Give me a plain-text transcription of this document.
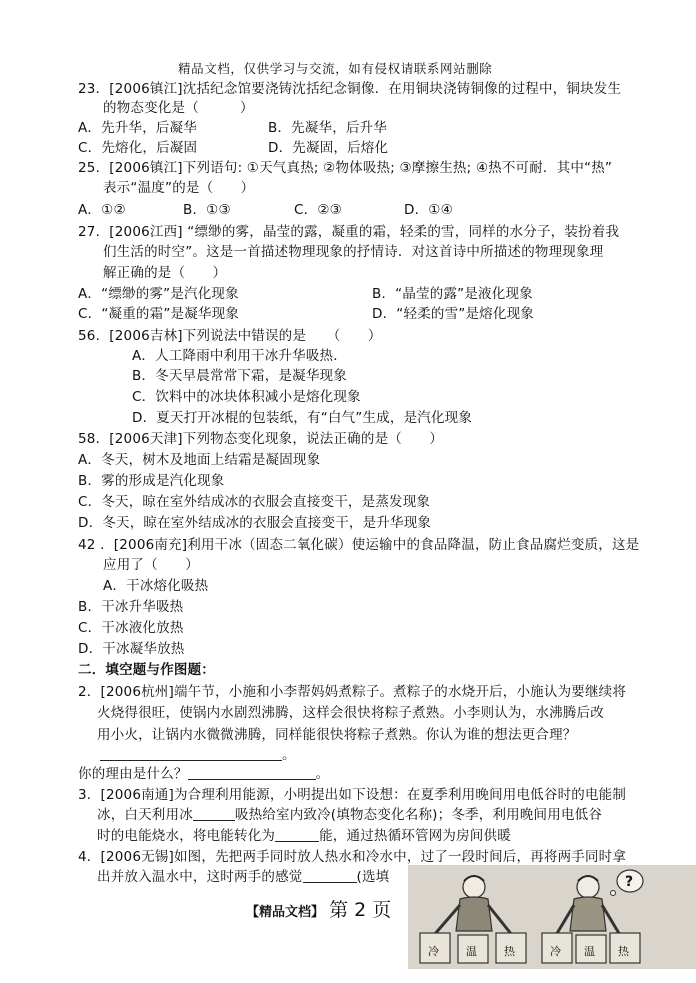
精品文档，仅供学习与交流，如有侵权请联系网站删除
23．[2006镇江]沈括纪念馆要浇铸沈括纪念铜像．在用铜块浇铸铜像的过程中，铜块发生
的物态变化是（　　　）
A．先升华，后凝华	B．先凝华，后升华
C．先熔化，后凝固	D．先凝固，后熔化
25．[2006镇江]下列语句: ①天气真热; ②物体吸热; ③摩擦生热; ④热不可耐．其中“热”
表示“温度”的是（　　）
A．①②	B．①③	C．②③	D．①④
27．[2006江西] “缥缈的雾，晶莹的露，凝重的霜，轻柔的雪，同样的水分子，装扮着我
们生活的时空”。这是一首描述物理现象的抒情诗．对这首诗中所描述的物理现象理
解正确的是（　　）
A．“缥缈的雾”是汽化现象	B．“晶莹的露”是液化现象
C．“凝重的霜”是凝华现象	D．“轻柔的雪”是熔化现象
56．[2006吉林]下列说法中错误的是　　（　　）
A．人工降雨中利用干冰升华吸热．
B．冬天早晨常常下霜，是凝华现象
C．饮料中的冰块体积减小是熔化现象
D．夏天打开冰棍的包装纸，有“白气”生成，是汽化现象
58．[2006天津]下列物态变化现象，说法正确的是（　　）
A．冬天，树木及地面上结霜是凝固现象
B．雾的形成是汽化现象
C．冬天，晾在室外结成冰的衣服会直接变干，是蒸发现象
D．冬天，晾在室外结成冰的衣服会直接变干，是升华现象
42 ．[2006南充]利用干冰（固态二氧化碳）使运输中的食品降温，防止食品腐烂变质，这是
应用了（　　）
A．干冰熔化吸热
B．干冰升华吸热
C．干冰液化放热
D．干冰凝华放热
二．填空题与作图题：
2．[2006杭州]端午节，小施和小李帮妈妈煮粽子。煮粽子的水烧开后，小施认为要继续将
火烧得很旺，使锅内水剧烈沸腾，这样会很快将粽子煮熟。小李则认为，水沸腾后改
用小火，让锅内水微微沸腾，同样能很快将粽子煮熟。你认为谁的想法更合理？
。
你的理由是什么？	。
3．[2006南通]为合理利用能源，小明提出如下设想：在夏季利用晚间用电低谷时的电能制
冰，白天利用冰	吸热给室内致冷(填物态变化名称)；冬季，利用晚间用电低谷
时的电能烧水，将电能转化为	能，通过热循环管网为房间供暖
4．[2006无锡]如图，先把两手同时放人热水和冷水中，过了一段时间后，再将两手同时拿
出并放入温水中，这时两手的感觉	(选填
【精品文档】 第 2 页
冷 温 热
?
冷 温 热
